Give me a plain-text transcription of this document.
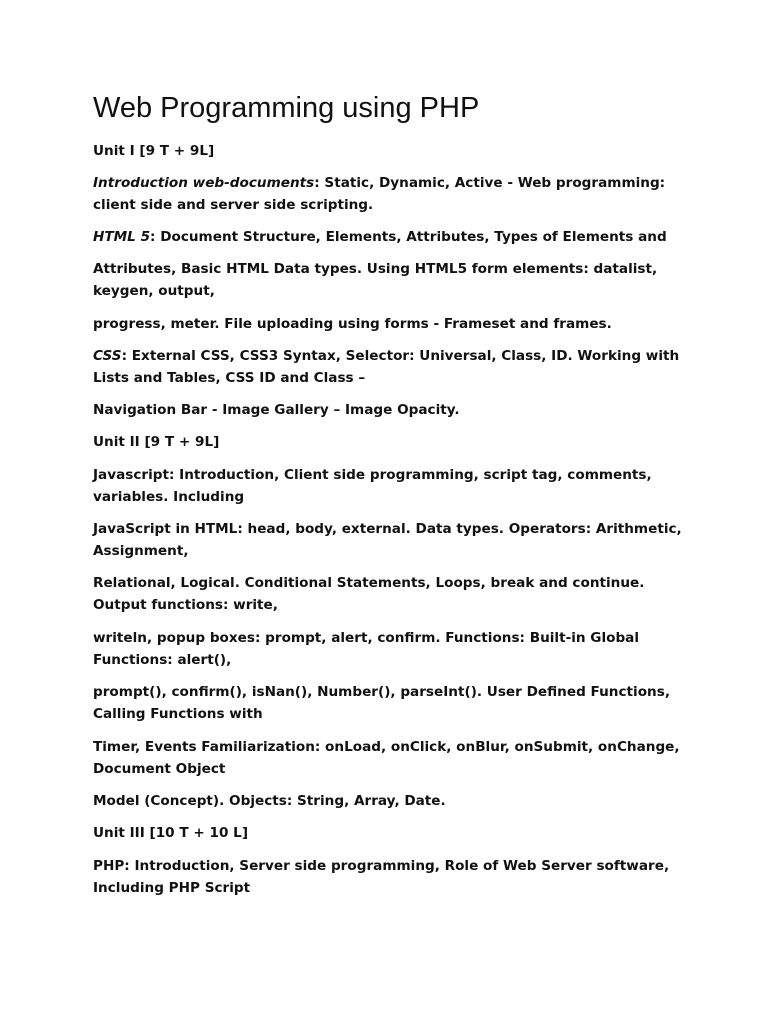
Web Programming using PHP

Unit I [9 T + 9L]

Introduction web-documents: Static, Dynamic, Active - Web programming: client side and server side scripting.

HTML 5: Document Structure, Elements, Attributes, Types of Elements and

Attributes, Basic HTML Data types. Using HTML5 form elements: datalist, keygen, output,

progress, meter. File uploading using forms - Frameset and frames.

CSS: External CSS, CSS3 Syntax, Selector: Universal, Class, ID. Working with Lists and Tables, CSS ID and Class –

Navigation Bar - Image Gallery – Image Opacity.

Unit II [9 T + 9L]

Javascript: Introduction, Client side programming, script tag, comments, variables. Including

JavaScript in HTML: head, body, external. Data types. Operators: Arithmetic, Assignment,

Relational, Logical. Conditional Statements, Loops, break and continue. Output functions: write,

writeln, popup boxes: prompt, alert, confirm. Functions: Built-in Global Functions: alert(),

prompt(), confirm(), isNan(), Number(), parseInt(). User Defined Functions, Calling Functions with

Timer, Events Familiarization: onLoad, onClick, onBlur, onSubmit, onChange, Document Object

Model (Concept). Objects: String, Array, Date.

Unit III [10 T + 10 L]

PHP: Introduction, Server side programming, Role of Web Server software, Including PHP Script
